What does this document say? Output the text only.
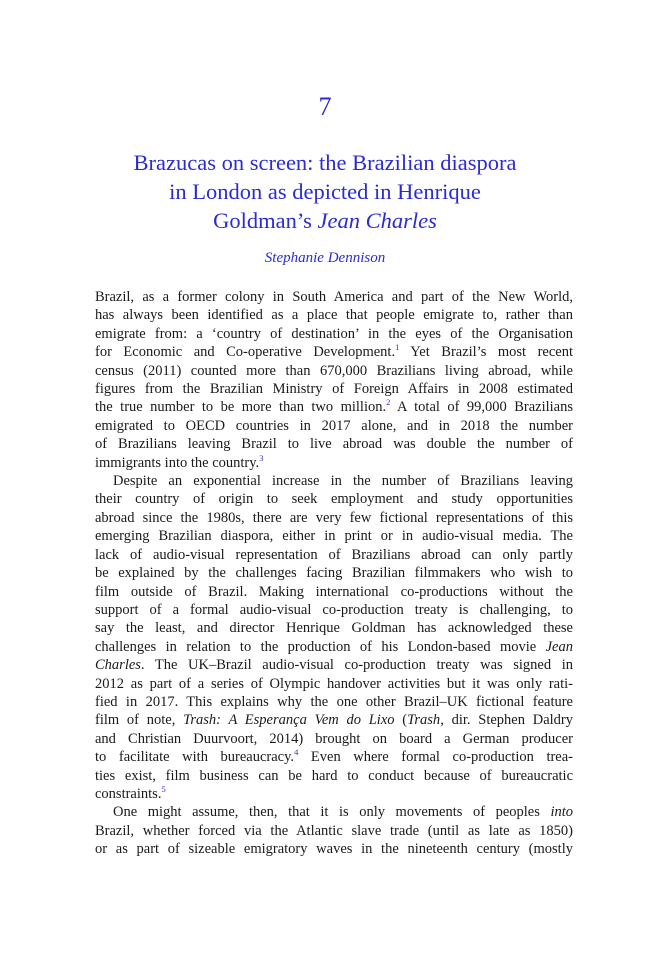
7
Brazucas on screen: the Brazilian diaspora
in London as depicted in Henrique
Goldman’s Jean Charles
Stephanie Dennison
Brazil, as a former colony in South America and part of the New World,
has always been identified as a place that people emigrate to, rather than
emigrate from: a ‘country of destination’ in the eyes of the Organisation
for Economic and Co-operative Development.$^1$ Yet Brazil’s most recent
census (2011) counted more than 670,000 Brazilians living abroad, while
figures from the Brazilian Ministry of Foreign Affairs in 2008 estimated
the true number to be more than two million.$^2$ A total of 99,000 Brazilians
emigrated to OECD countries in 2017 alone, and in 2018 the number
of Brazilians leaving Brazil to live abroad was double the number of
immigrants into the country.$^3$
Despite an exponential increase in the number of Brazilians leaving
their country of origin to seek employment and study opportunities
abroad since the 1980s, there are very few fictional representations of this
emerging Brazilian diaspora, either in print or in audio-visual media. The
lack of audio-visual representation of Brazilians abroad can only partly
be explained by the challenges facing Brazilian filmmakers who wish to
film outside of Brazil. Making international co-productions without the
support of a formal audio-visual co-production treaty is challenging, to
say the least, and director Henrique Goldman has acknowledged these
challenges in relation to the production of his London-based movie Jean
Charles. The UK–Brazil audio-visual co-production treaty was signed in
2012 as part of a series of Olympic handover activities but it was only rati-
fied in 2017. This explains why the one other Brazil–UK fictional feature
film of note, Trash: A Esperança Vem do Lixo (Trash, dir. Stephen Daldry
and Christian Duurvoort, 2014) brought on board a German producer
to facilitate with bureaucracy.$^4$ Even where formal co-production trea-
ties exist, film business can be hard to conduct because of bureaucratic
constraints.$^5$
One might assume, then, that it is only movements of peoples into
Brazil, whether forced via the Atlantic slave trade (until as late as 1850)
or as part of sizeable emigratory waves in the nineteenth century (mostly
